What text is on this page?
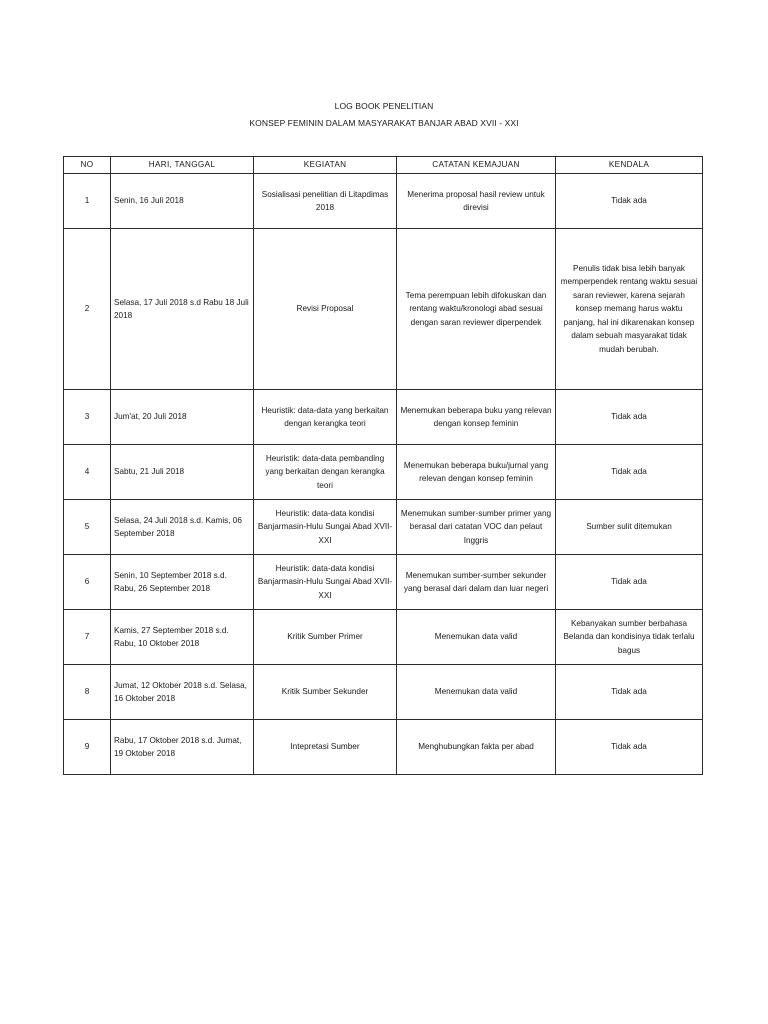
LOG BOOK PENELITIAN
KONSEP FEMININ DALAM MASYARAKAT BANJAR ABAD XVII - XXI
NO	HARI, TANGGAL	KEGIATAN	CATATAN KEMAJUAN	KENDALA
1	Senin, 16 Juli 2018	Sosialisasi penelitian di Litapdimas 2018	Menerima proposal hasil review untuk direvisi	Tidak ada
2	Selasa, 17 Juli 2018 s.d Rabu 18 Juli 2018	Revisi Proposal	Tema perempuan lebih difokuskan dan rentang waktu/kronologi abad sesuai dengan saran reviewer diperpendek	Penulis tidak bisa lebih banyak memperpendek rentang waktu sesuai saran reviewer, karena sejarah konsep memang harus waktu panjang, hal ini dikarenakan konsep dalam sebuah masyarakat tidak mudah berubah.
3	Jum'at, 20 Juli 2018	Heuristik: data-data yang berkaitan dengan kerangka teori	Menemukan beberapa buku yang relevan dengan konsep feminin	Tidak ada
4	Sabtu, 21 Juli 2018	Heuristik: data-data pembanding yang berkaitan dengan kerangka teori	Menemukan beberapa buku/jurnal yang relevan dengan konsep feminin	Tidak ada
5	Selasa, 24 Juli 2018 s.d. Kamis, 06 September 2018	Heuristik: data-data kondisi Banjarmasin-Hulu Sungai Abad XVII-XXI	Menemukan sumber-sumber primer yang berasal dari catatan VOC dan pelaut Inggris	Sumber sulit ditemukan
6	Senin, 10 September 2018 s.d. Rabu, 26 September 2018	Heuristik: data-data kondisi Banjarmasin-Hulu Sungai Abad XVII-XXI	Menemukan sumber-sumber sekunder yang berasal dari dalam dan luar negeri	Tidak ada
7	Kamis, 27 September 2018 s.d. Rabu, 10 Oktober 2018	Kritik Sumber Primer	Menemukan data valid	Kebanyakan sumber berbahasa Belanda dan kondisinya tidak terlalu bagus
8	Jumat, 12 Oktober 2018 s.d. Selasa, 16 Oktober 2018	Kritik Sumber Sekunder	Menemukan data valid	Tidak ada
9	Rabu, 17 Oktober 2018 s.d. Jumat, 19 Oktober 2018	Intepretasi Sumber	Menghubungkan fakta per abad	Tidak ada
